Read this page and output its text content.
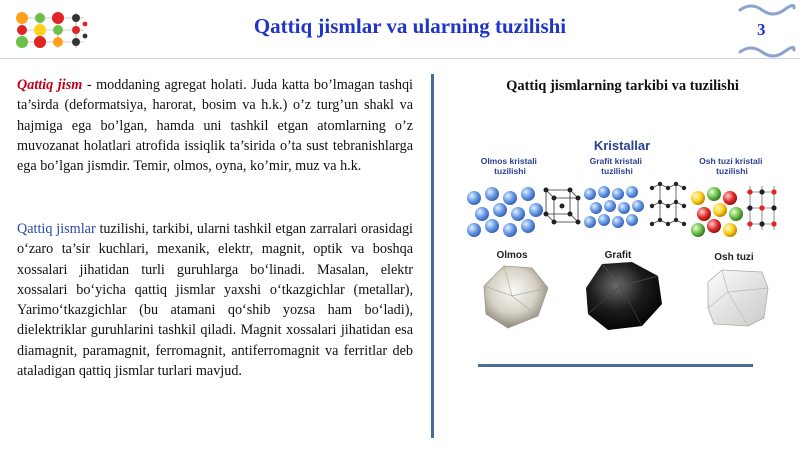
Qattiq jismlar va ularning tuzilishi	3
Qattiq jism - moddaning agregat holati. Juda katta bo’lmagan tashqi ta’sirda (deformatsiya, harorat, bosim va h.k.) o’z turg’un shakl va hajmiga ega bo’lgan, hamda uni tashkil etgan atomlarning o’z muvozanat holatlari atrofida issiqlik ta’sirida o’ta sust tebranishlarga ega bo’lgan jismdir. Temir, olmos, oyna, ko’mir, muz va h.k.
Qattiq jismlar tuzilishi, tarkibi, ularni tashkil etgan zarralari orasidagi o‘zaro ta’sir kuchlari, mexanik, elektr, magnit, optik va boshqa xossalari jihatidan turli guruhlarga bo‘linadi. Masalan, elektr xossalari bo‘yicha qattiq jismlar yaxshi o‘tkazgichlar (metallar), Yarimo‘tkazgichlar (bu atamani qo‘shib yozsa ham bo‘ladi), dielektriklar guruhlarini tashkil qiladi. Magnit xossalari jihatidan esa diamagnit, paramagnit, ferromagnit, antiferromagnit va ferritlar deb ataladigan qattiq jismlar turlari mavjud.
Qattiq jismlarning tarkibi va tuzilishi
Kristallar
Olmos kristali tuzilishi
Grafit kristali tuzilishi
Osh tuzi kristali tuzilishi
Olmos	Grafit	Osh tuzi
